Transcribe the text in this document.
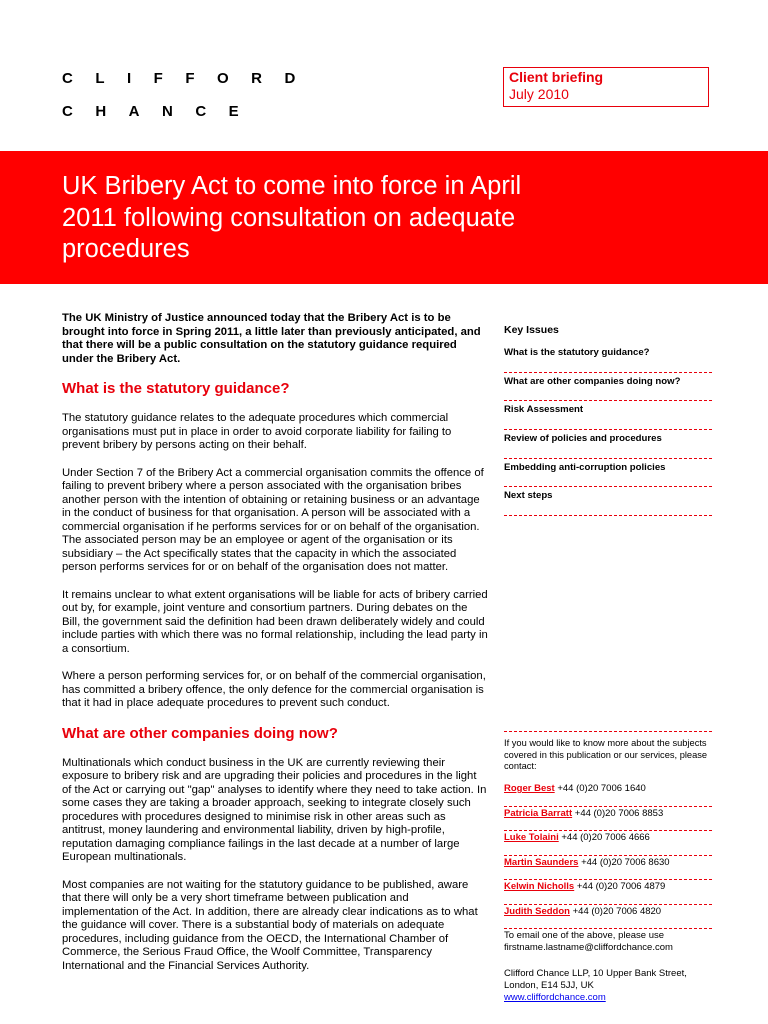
CLIFFORD
CHANCE
Client briefing
July 2010
UK Bribery Act to come into force in April 2011 following consultation on adequate procedures

The UK Ministry of Justice announced today that the Bribery Act is to be brought into force in Spring 2011, a little later than previously anticipated, and that there will be a public consultation on the statutory guidance required under the Bribery Act.

What is the statutory guidance?

The statutory guidance relates to the adequate procedures which commercial organisations must put in place in order to avoid corporate liability for failing to prevent bribery by persons acting on their behalf.

Under Section 7 of the Bribery Act a commercial organisation commits the offence of failing to prevent bribery where a person associated with the organisation bribes another person with the intention of obtaining or retaining business or an advantage in the conduct of business for that organisation. A person will be associated with a commercial organisation if he performs services for or on behalf of the organisation. The associated person may be an employee or agent of the organisation or its subsidiary – the Act specifically states that the capacity in which the associated person performs services for or on behalf of the organisation does not matter.

It remains unclear to what extent organisations will be liable for acts of bribery carried out by, for example, joint venture and consortium partners. During debates on the Bill, the government said the definition had been drawn deliberately widely and could include parties with which there was no formal relationship, including the lead party in a consortium.

Where a person performing services for, or on behalf of the commercial organisation, has committed a bribery offence, the only defence for the commercial organisation is that it had in place adequate procedures to prevent such conduct.

What are other companies doing now?

Multinationals which conduct business in the UK are currently reviewing their exposure to bribery risk and are upgrading their policies and procedures in the light of the Act or carrying out "gap" analyses to identify where they need to take action. In some cases they are taking a broader approach, seeking to integrate closely such procedures with procedures designed to minimise risk in other areas such as antitrust, money laundering and environmental liability, driven by high-profile, reputation damaging compliance failings in the last decade at a number of large European multinationals.

Most companies are not waiting for the statutory guidance to be published, aware that there will only be a very short timeframe between publication and implementation of the Act. In addition, there are already clear indications as to what the guidance will cover. There is a substantial body of materials on adequate procedures, including guidance from the OECD, the International Chamber of Commerce, the Serious Fraud Office, the Woolf Committee, Transparency International and the Financial Services Authority.

Key Issues
What is the statutory guidance?
What are other companies doing now?
Risk Assessment
Review of policies and procedures
Embedding anti-corruption policies
Next steps
If you would like to know more about the subjects covered in this publication or our services, please contact:
Roger Best +44 (0)20 7006 1640
Patricia Barratt +44 (0)20 7006 8853
Luke Tolaini +44 (0)20 7006 4666
Martin Saunders +44 (0)20 7006 8630
Kelwin Nicholls +44 (0)20 7006 4879
Judith Seddon +44 (0)20 7006 4820
To email one of the above, please use
firstname.lastname@cliffordchance.com
Clifford Chance LLP, 10 Upper Bank Street,
London, E14 5JJ, UK
www.cliffordchance.com
